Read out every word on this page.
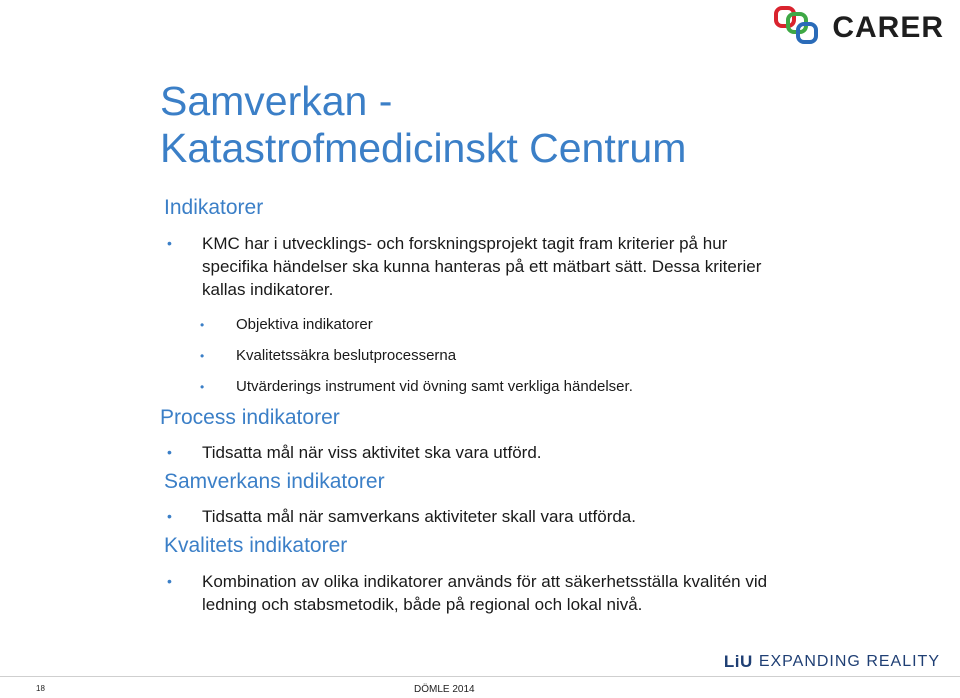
CARER
Samverkan -
Katastrofmedicinskt Centrum
Indikatorer
• KMC har i utvecklings- och forskningsprojekt tagit fram kriterier på hur specifika händelser ska kunna hanteras på ett mätbart sätt. Dessa kriterier kallas indikatorer.
• Objektiva indikatorer
• Kvalitetssäkra beslutprocesserna
• Utvärderings instrument vid övning samt verkliga händelser.
Process indikatorer
• Tidsatta mål när viss aktivitet ska vara utförd.
Samverkans indikatorer
• Tidsatta mål när samverkans aktiviteter skall vara utförda.
Kvalitets indikatorer
• Kombination av olika indikatorer används för att säkerhetsställa kvalitén vid ledning och stabsmetodik, både på regional och lokal nivå.
LiU EXPANDING REALITY
18	DÖMLE 2014
